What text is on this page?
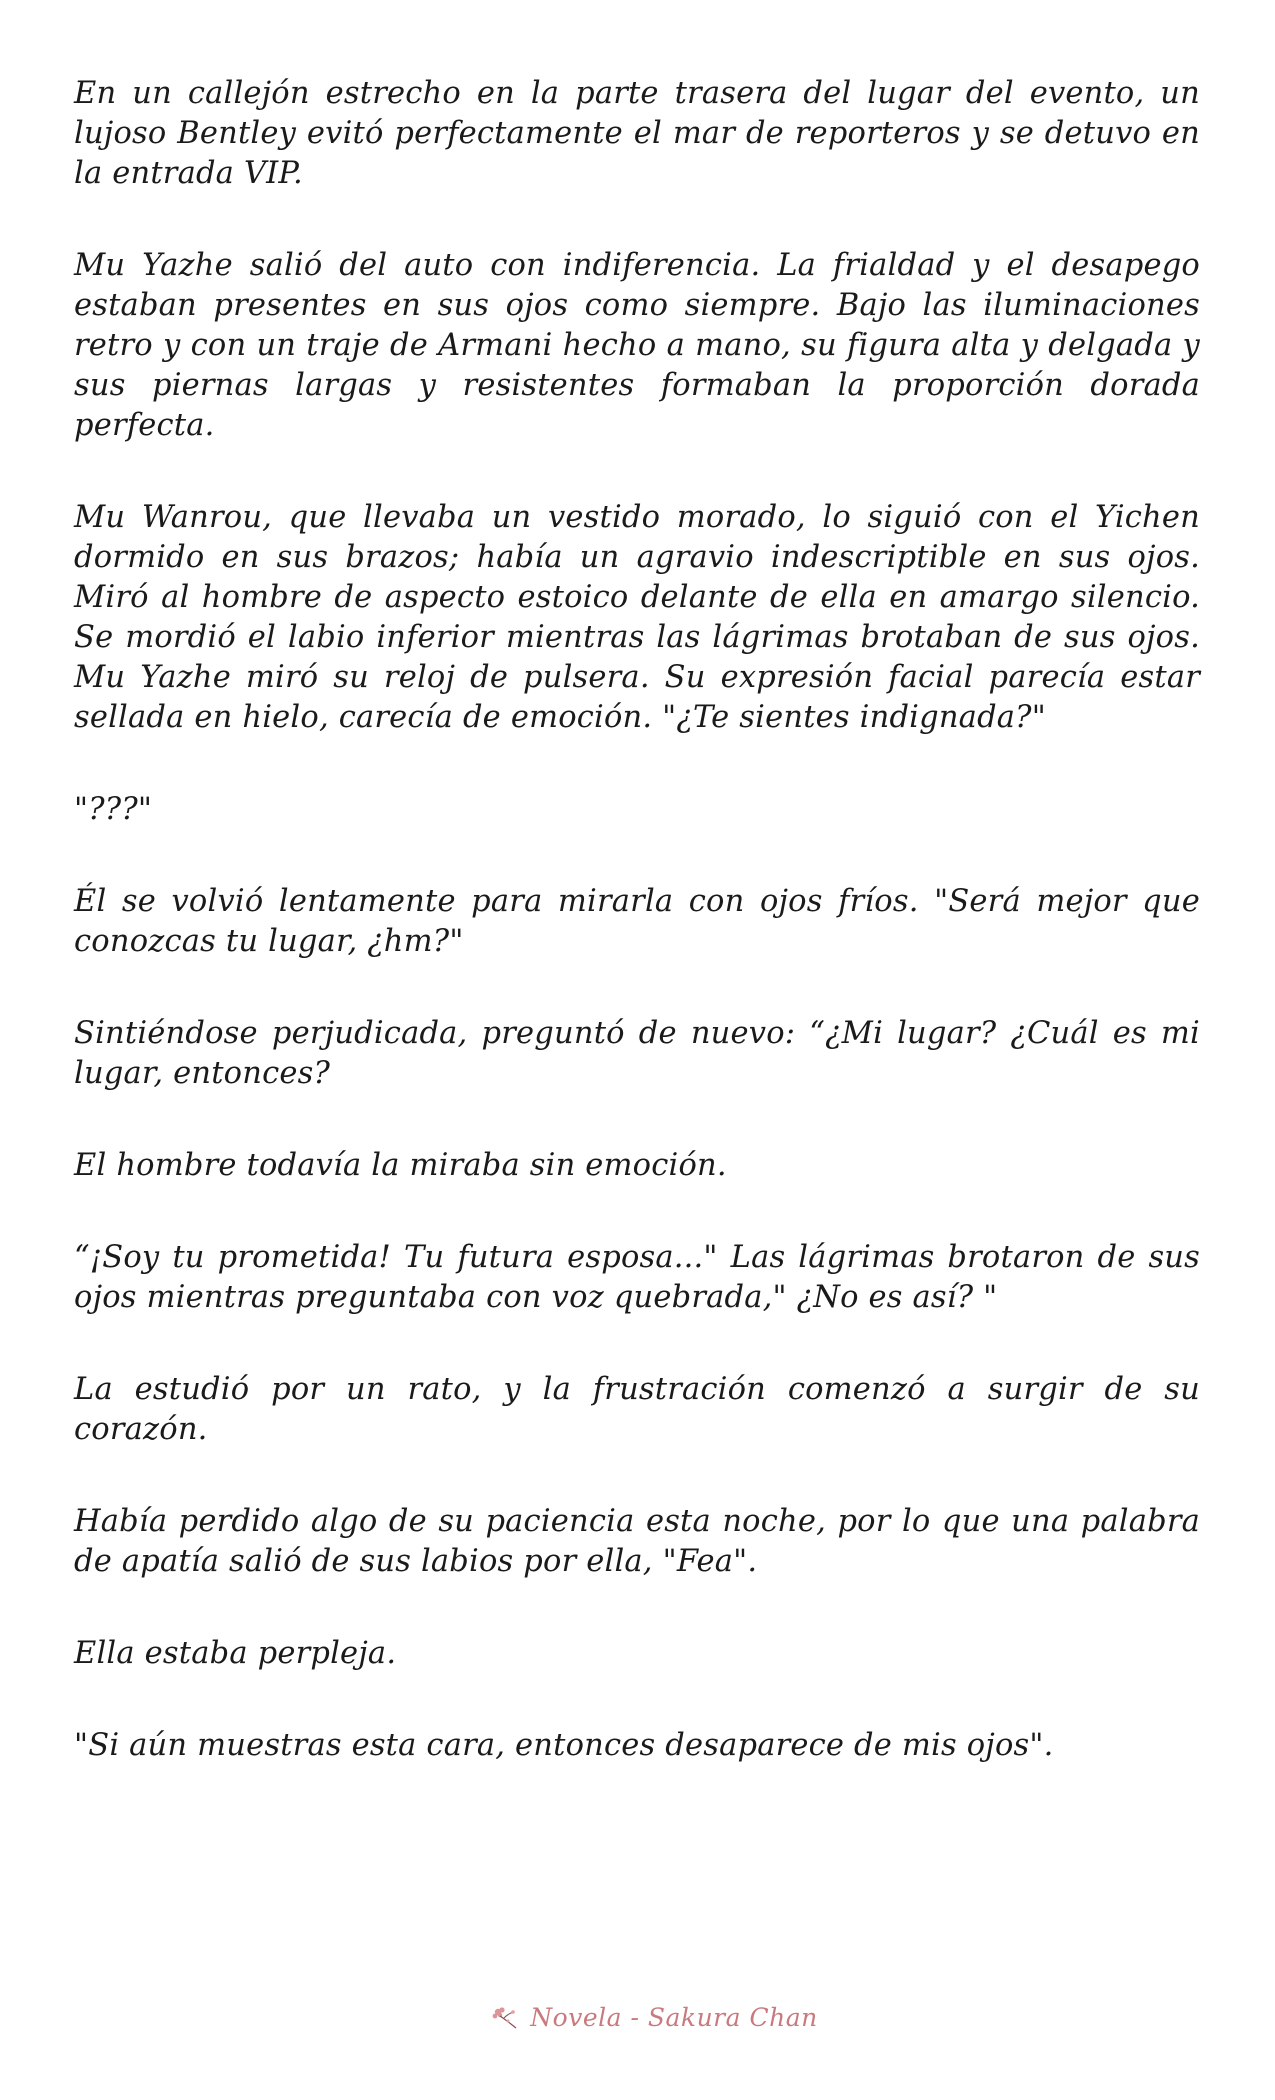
En un callejón estrecho en la parte trasera del lugar del evento, un lujoso Bentley evitó perfectamente el mar de reporteros y se detuvo en la entrada VIP.

Mu Yazhe salió del auto con indiferencia. La frialdad y el desapego estaban presentes en sus ojos como siempre. Bajo las iluminaciones retro y con un traje de Armani hecho a mano, su figura alta y delgada y sus piernas largas y resistentes formaban la proporción dorada perfecta.

Mu Wanrou, que llevaba un vestido morado, lo siguió con el Yichen dormido en sus brazos; había un agravio indescriptible en sus ojos. Miró al hombre de aspecto estoico delante de ella en amargo silencio. Se mordió el labio inferior mientras las lágrimas brotaban de sus ojos. Mu Yazhe miró su reloj de pulsera. Su expresión facial parecía estar sellada en hielo, carecía de emoción. "¿Te sientes indignada?"

"???"

Él se volvió lentamente para mirarla con ojos fríos. "Será mejor que conozcas tu lugar, ¿hm?"

Sintiéndose perjudicada, preguntó de nuevo: “¿Mi lugar? ¿Cuál es mi lugar, entonces?

El hombre todavía la miraba sin emoción.

“¡Soy tu prometida! Tu futura esposa..." Las lágrimas brotaron de sus ojos mientras preguntaba con voz quebrada," ¿No es así? "

La estudió por un rato, y la frustración comenzó a surgir de su corazón.

Había perdido algo de su paciencia esta noche, por lo que una palabra de apatía salió de sus labios por ella, "Fea".

Ella estaba perpleja.

"Si aún muestras esta cara, entonces desaparece de mis ojos".

Novela - Sakura Chan
